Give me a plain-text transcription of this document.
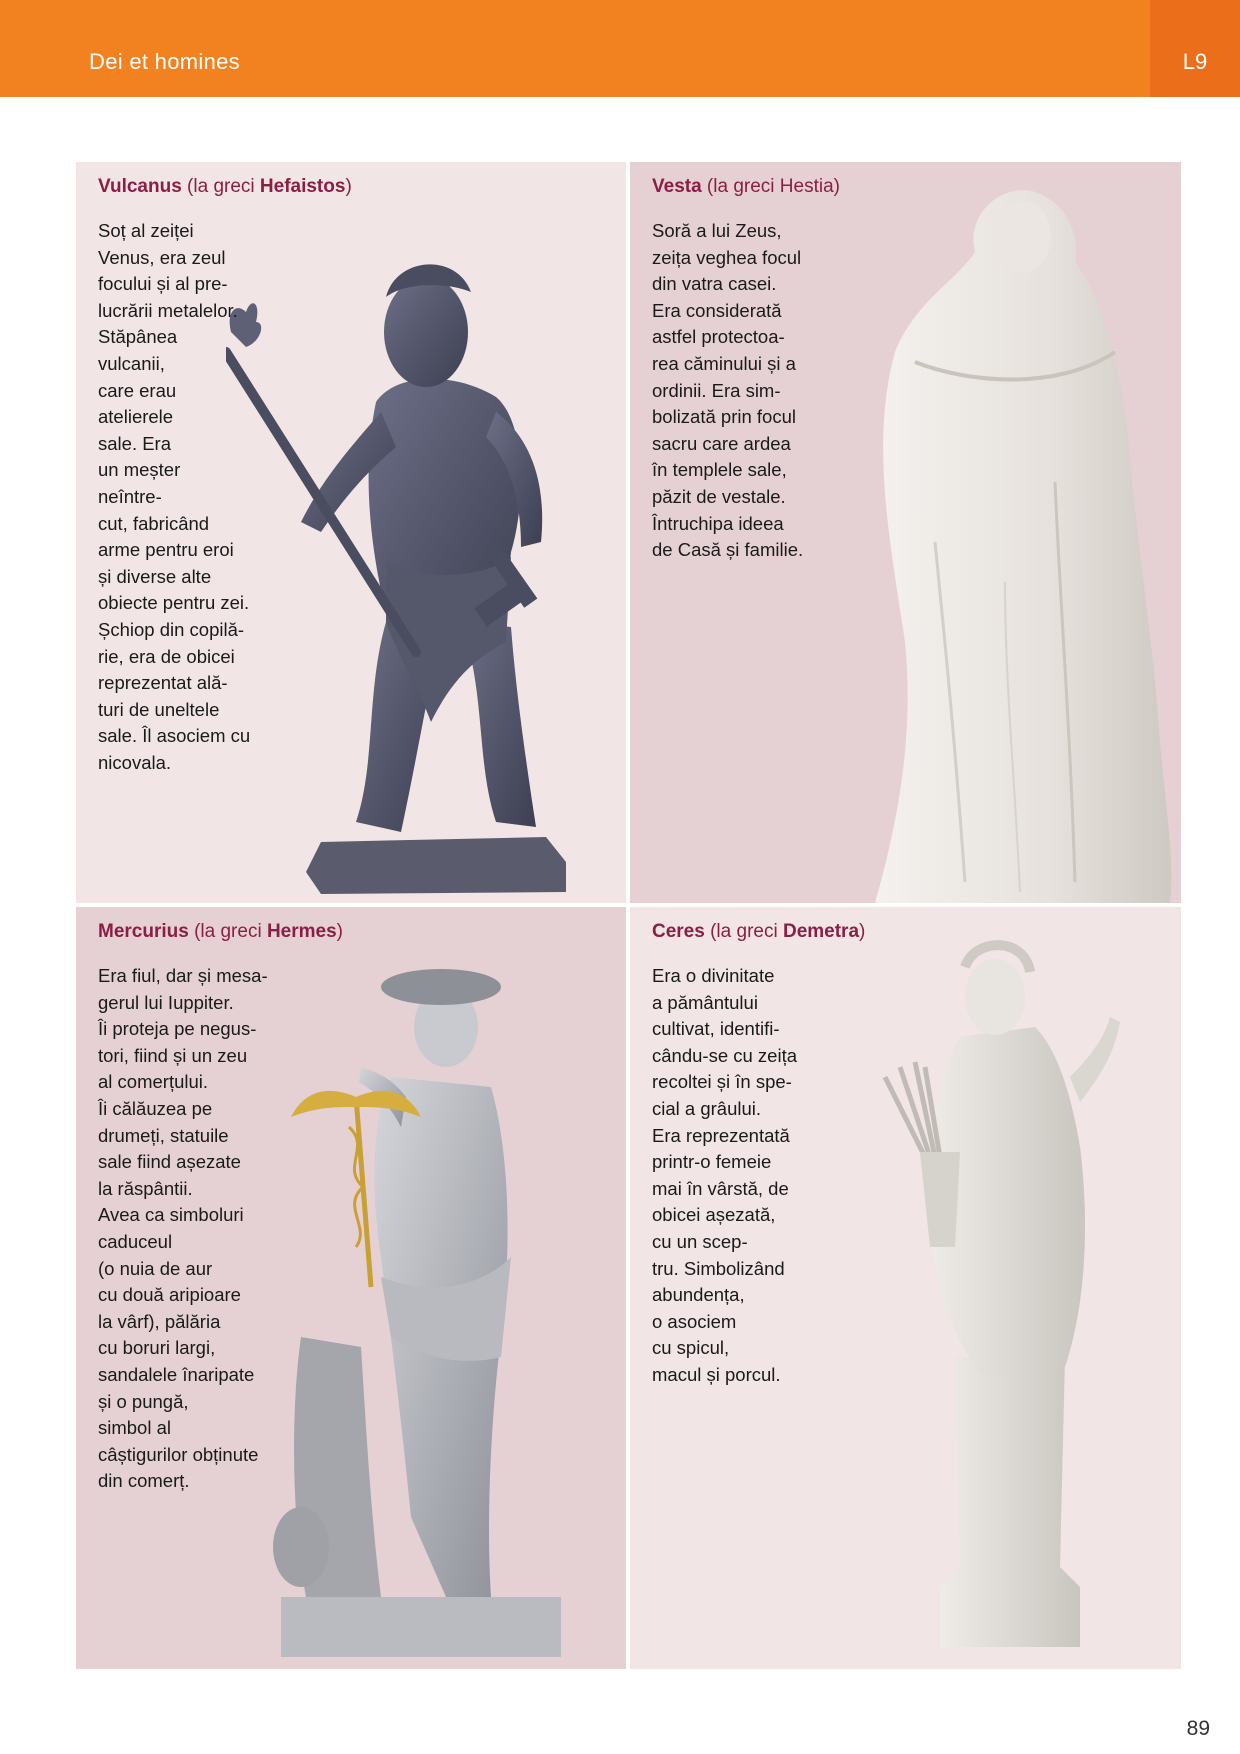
Dei et homines	L9
Vulcanus (la greci Hefaistos)
Soț al zeiței
Venus, era zeul
focului și al pre-
lucrării metalelor.
Stăpânea
vulcanii,
care erau
atelierele
sale. Era
un meșter
neîntre-
cut, fabricând
arme pentru eroi
și diverse alte
obiecte pentru zei.
Șchiop din copilă-
rie, era de obicei
reprezentat ală-
turi de uneltele
sale. Îl asociem cu
nicovala.
Vesta (la greci Hestia)
Soră a lui Zeus,
zeița veghea focul
din vatra casei.
Era considerată
astfel protectoa-
rea căminului și a
ordinii. Era sim-
bolizată prin focul
sacru care ardea
în templele sale,
păzit de vestale.
Întruchipa ideea
de Casă și familie.
Mercurius (la greci Hermes)
Era fiul, dar și mesa-
gerul lui Iuppiter.
Îi proteja pe negus-
tori, fiind și un zeu
al comerțului.
Îi călăuzea pe
drumeți, statuile
sale fiind așezate
la răspântii.
Avea ca simboluri
caduceul
(o nuia de aur
cu două aripioare
la vârf), pălăria
cu boruri largi,
sandalele înaripate
și o pungă,
simbol al
câștigurilor obținute
din comerț.
Ceres (la greci Demetra)
Era o divinitate
a pământului
cultivat, identifi-
cându-se cu zeița
recoltei și în spe-
cial a grâului.
Era reprezentată
printr-o femeie
mai în vârstă, de
obicei așezată,
cu un scep-
tru. Simbolizând
abundența,
o asociem
cu spicul,
macul și porcul.
89
